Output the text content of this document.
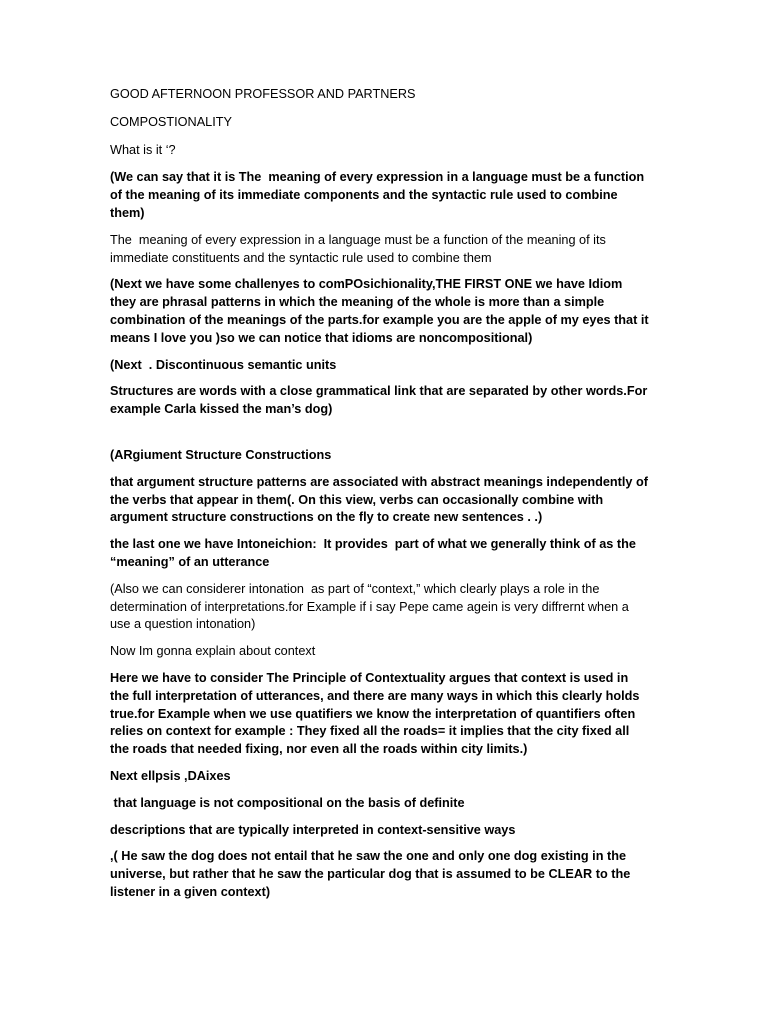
GOOD AFTERNOON PROFESSOR AND PARTNERS

COMPOSTIONALITY

What is it ‘?

(We can say that it is The  meaning of every expression in a language must be a function of the meaning of its immediate components and the syntactic rule used to combine them)

The  meaning of every expression in a language must be a function of the meaning of its immediate constituents and the syntactic rule used to combine them

(Next we have some challenyes to comPOsichionality,THE FIRST ONE we have Idiom they are phrasal patterns in which the meaning of the whole is more than a simple combination of the meanings of the parts.for example you are the apple of my eyes that it means I love you )so we can notice that idioms are noncompositional)

(Next  . Discontinuous semantic units

Structures are words with a close grammatical link that are separated by other words.For example Carla kissed the man’s dog)

(ARgiument Structure Constructions

that argument structure patterns are associated with abstract meanings independently of the verbs that appear in them(. On this view, verbs can occasionally combine with argument structure constructions on the fly to create new sentences . .)

the last one we have Intoneichion:  It provides  part of what we generally think of as the “meaning” of an utterance

(Also we can considerer intonation  as part of “context,” which clearly plays a role in the determination of interpretations.for Example if i say Pepe came agein is very diffrernt when a use a question intonation)

Now Im gonna explain about context

Here we have to consider The Principle of Contextuality argues that context is used in the full interpretation of utterances, and there are many ways in which this clearly holds true.for Example when we use quatifiers we know the interpretation of quantifiers often relies on context for example : They fixed all the roads= it implies that the city fixed all the roads that needed fixing, nor even all the roads within city limits.)

Next ellpsis ,DAixes

that language is not compositional on the basis of definite

descriptions that are typically interpreted in context-sensitive ways

,( He saw the dog does not entail that he saw the one and only one dog existing in the universe, but rather that he saw the particular dog that is assumed to be CLEAR to the listener in a given context)
